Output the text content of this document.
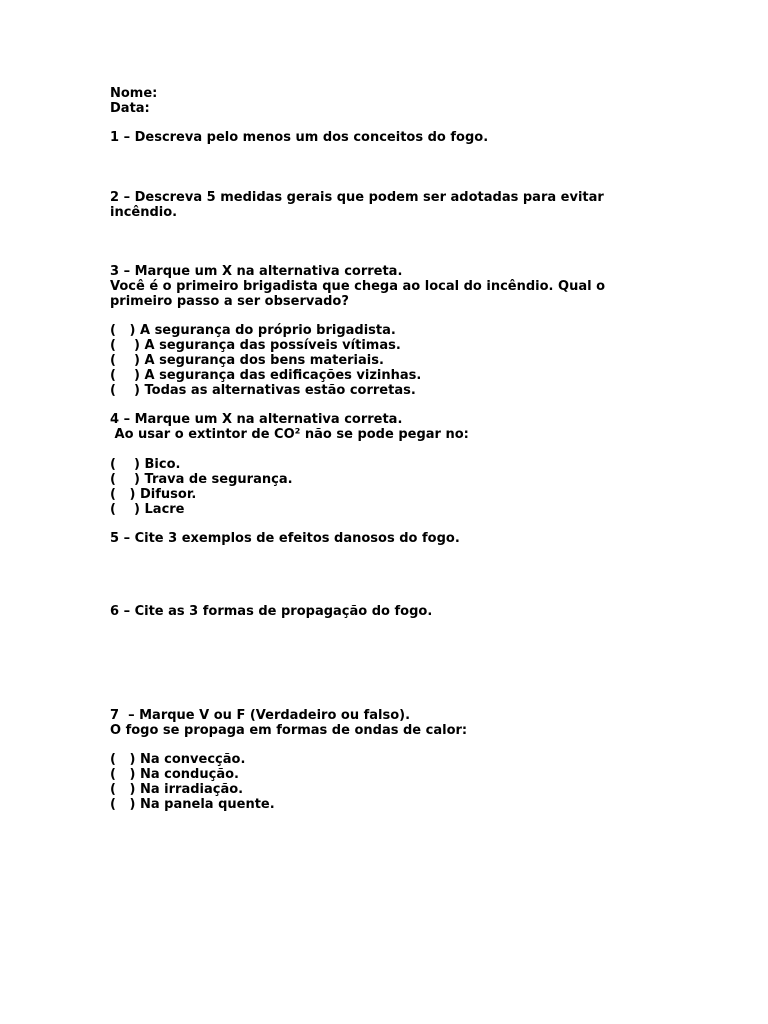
Nome:
Data:
1 – Descreva pelo menos um dos conceitos do fogo.
2 – Descreva 5 medidas gerais que podem ser adotadas para evitar
incêndio.
3 – Marque um X na alternativa correta.
Você é o primeiro brigadista que chega ao local do incêndio. Qual o
primeiro passo a ser observado?
(   ) A segurança do próprio brigadista.
(    ) A segurança das possíveis vítimas.
(    ) A segurança dos bens materiais.
(    ) A segurança das edificações vizinhas.
(    ) Todas as alternativas estão corretas.
4 – Marque um X na alternativa correta.
Ao usar o extintor de CO² não se pode pegar no:
(    ) Bico.
(    ) Trava de segurança.
(   ) Difusor.
(    ) Lacre
5 – Cite 3 exemplos de efeitos danosos do fogo.
6 – Cite as 3 formas de propagação do fogo.
7  – Marque V ou F (Verdadeiro ou falso).
O fogo se propaga em formas de ondas de calor:
(   ) Na convecção.
(   ) Na condução.
(   ) Na irradiação.
(   ) Na panela quente.
